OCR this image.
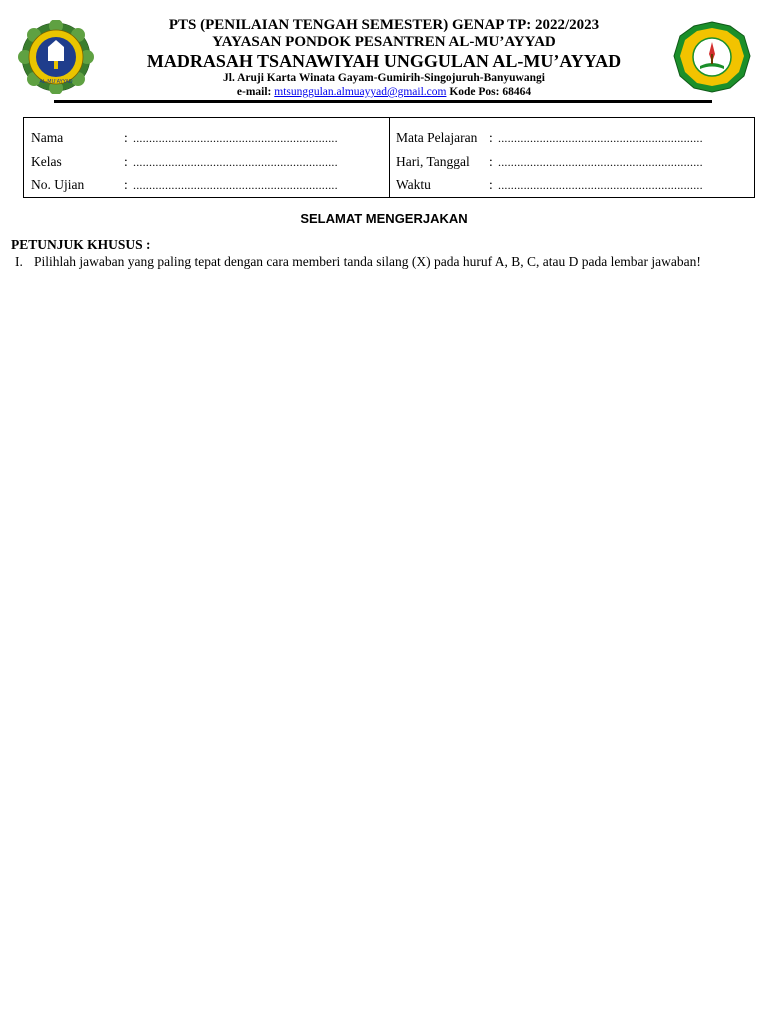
AL-MU'AYYAD
PTS (PENILAIAN TENGAH SEMESTER) GENAP TP: 2022/2023
YAYASAN PONDOK PESANTREN AL-MU’AYYAD
MADRASAH TSANAWIYAH UNGGULAN AL-MU’AYYAD
Jl. Aruji Karta Winata Gayam-Gumirih-Singojuruh-Banyuwangi
e-mail: mtsunggulan.almuayyad@gmail.com Kode Pos: 68464
Nama	: ................................................................
Kelas	: ................................................................
No. Ujian	: ................................................................
Mata Pelajaran : ................................................................
Hari, Tanggal : ................................................................
Waktu	: ................................................................
SELAMAT MENGERJAKAN
PETUNJUK KHUSUS :
I. Pilihlah jawaban yang paling tepat dengan cara memberi tanda silang (X) pada huruf A, B, C, atau D pada lembar jawaban!
